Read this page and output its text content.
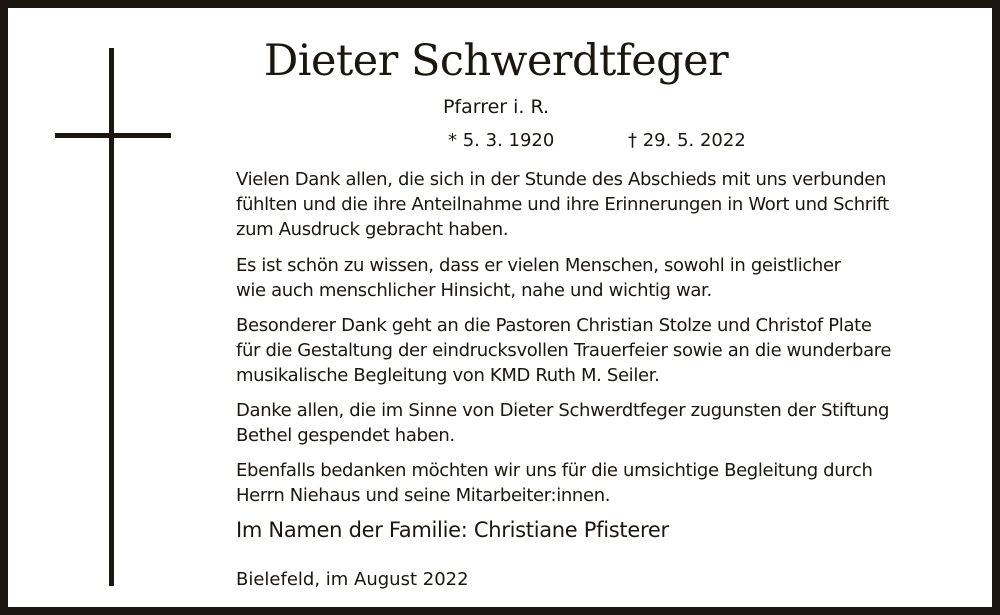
Dieter Schwerdtfeger
Pfarrer i. R.
* 5. 3. 1920	† 29. 5. 2022

Vielen Dank allen, die sich in der Stunde des Abschieds mit uns verbunden
fühlten und die ihre Anteilnahme und ihre Erinnerungen in Wort und Schrift
zum Ausdruck gebracht haben.

Es ist schön zu wissen, dass er vielen Menschen, sowohl in geistlicher
wie auch menschlicher Hinsicht, nahe und wichtig war.

Besonderer Dank geht an die Pastoren Christian Stolze und Christof Plate
für die Gestaltung der eindrucksvollen Trauerfeier sowie an die wunderbare
musikalische Begleitung von KMD Ruth M. Seiler.

Danke allen, die im Sinne von Dieter Schwerdtfeger zugunsten der Stiftung
Bethel gespendet haben.

Ebenfalls bedanken möchten wir uns für die umsichtige Begleitung durch
Herrn Niehaus und seine Mitarbeiter:innen.

Im Namen der Familie: Christiane Pfisterer
Bielefeld, im August 2022
